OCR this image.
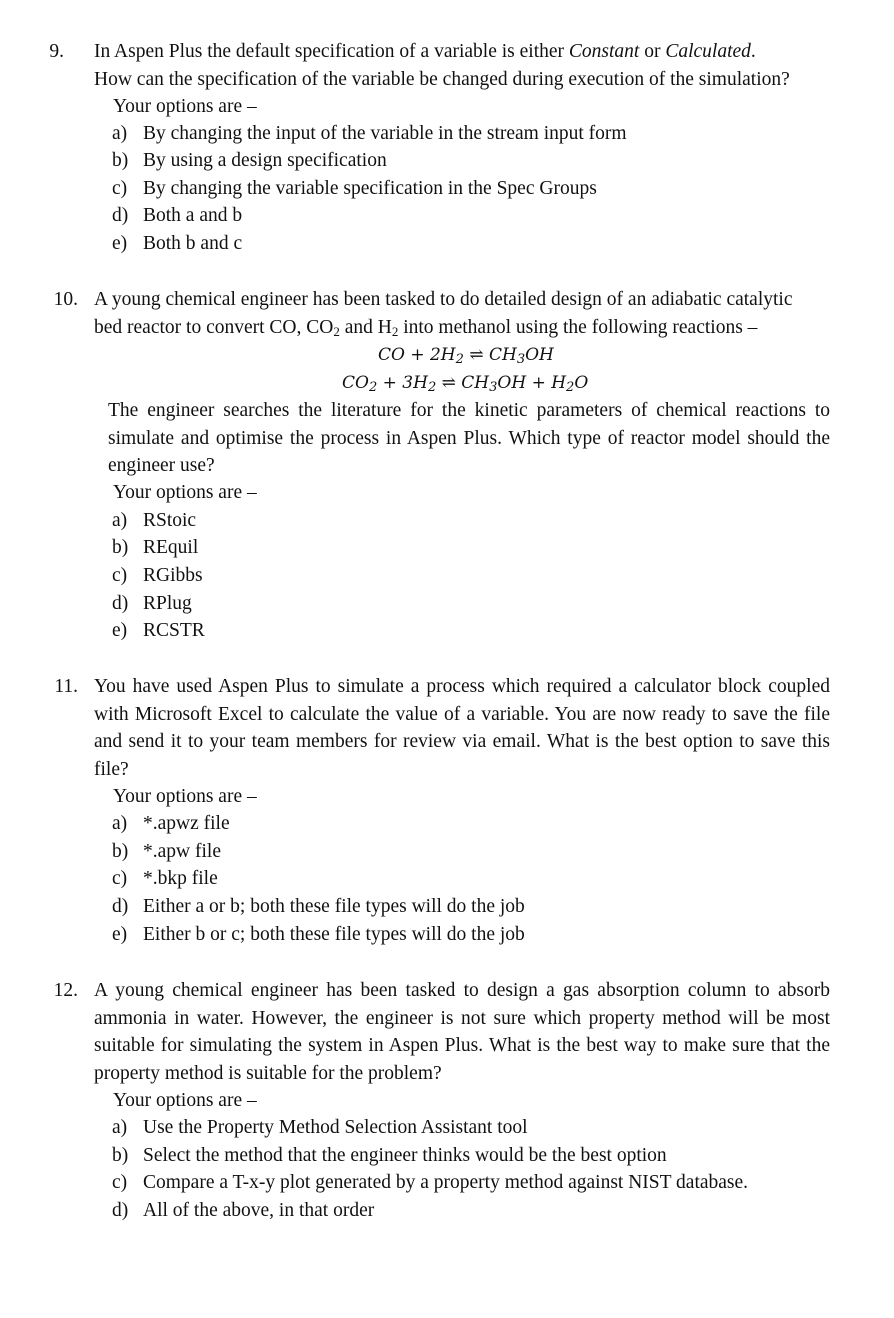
9. In Aspen Plus the default specification of a variable is either Constant or Calculated.
How can the specification of the variable be changed during execution of the simulation?
Your options are –
a) By changing the input of the variable in the stream input form
b) By using a design specification
c) By changing the variable specification in the Spec Groups
d) Both a and b
e) Both b and c
10. A young chemical engineer has been tasked to do detailed design of an adiabatic catalytic
bed reactor to convert CO, $CO_2$ and $H_2$ into methanol using the following reactions –
CO + $2H_2$ ⇌ $CH_3OH$
$CO_2 + 3H_2$ ⇌ $CH_3OH + H_2O$
The engineer searches the literature for the kinetic parameters of chemical reactions to simulate and optimise the process in Aspen Plus. Which type of reactor model should the engineer use?
Your options are –
a) RStoic
b) REquil
c) RGibbs
d) RPlug
e) RCSTR
11. You have used Aspen Plus to simulate a process which required a calculator block coupled with Microsoft Excel to calculate the value of a variable. You are now ready to save the file and send it to your team members for review via email. What is the best option to save this file?
Your options are –
a) *.apwz file
b) *.apw file
c) *.bkp file
d) Either a or b; both these file types will do the job
e) Either b or c; both these file types will do the job
12. A young chemical engineer has been tasked to design a gas absorption column to absorb ammonia in water. However, the engineer is not sure which property method will be most suitable for simulating the system in Aspen Plus. What is the best way to make sure that the property method is suitable for the problem?
Your options are –
a) Use the Property Method Selection Assistant tool
b) Select the method that the engineer thinks would be the best option
c) Compare a T-x-y plot generated by a property method against NIST database.
d) All of the above, in that order
